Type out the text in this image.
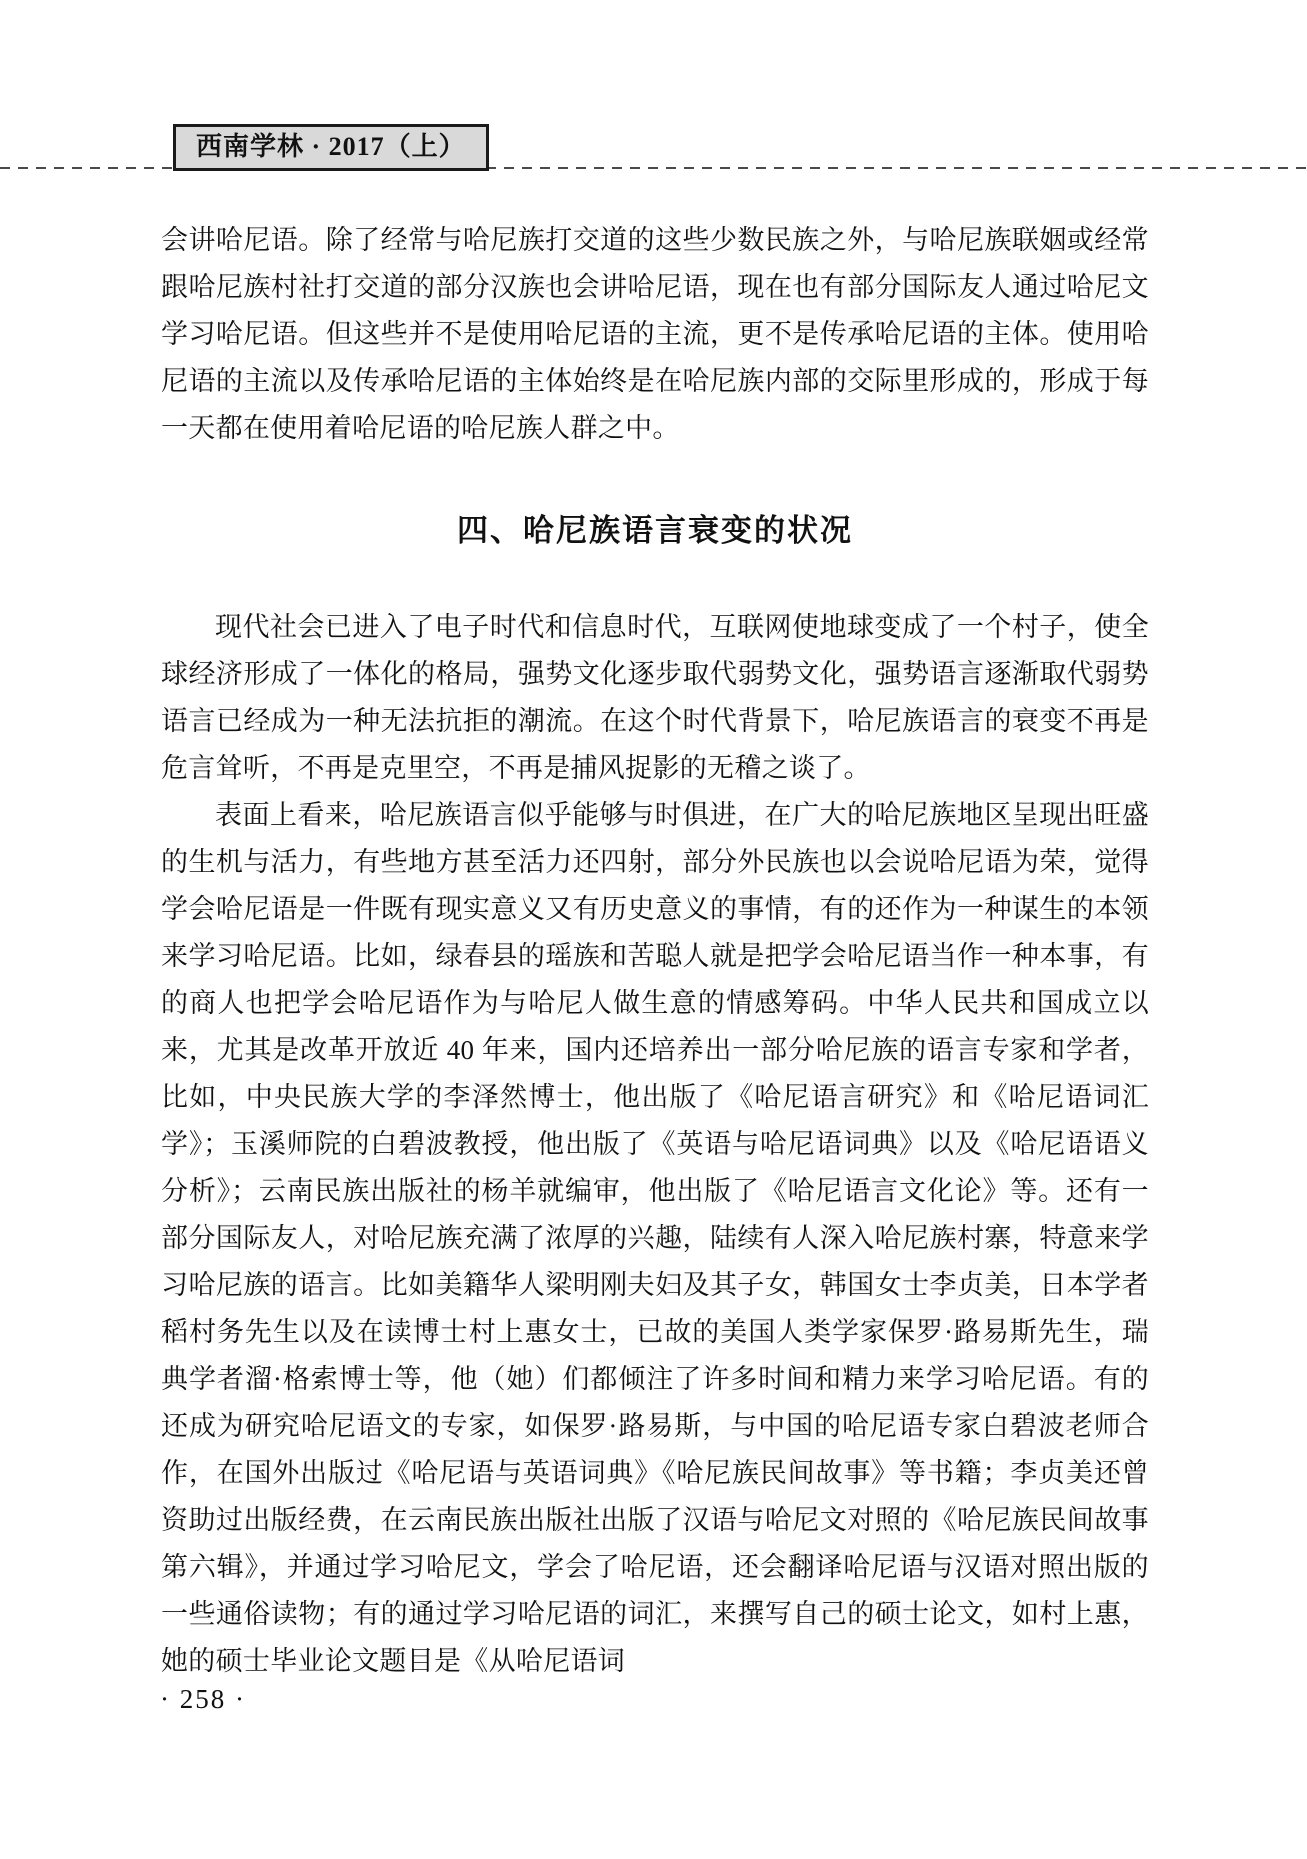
西南学林 · 2017（上）

会讲哈尼语。除了经常与哈尼族打交道的这些少数民族之外，与哈尼族联姻或经常跟哈尼族村社打交道的部分汉族也会讲哈尼语，现在也有部分国际友人通过哈尼文学习哈尼语。但这些并不是使用哈尼语的主流，更不是传承哈尼语的主体。使用哈尼语的主流以及传承哈尼语的主体始终是在哈尼族内部的交际里形成的，形成于每一天都在使用着哈尼语的哈尼族人群之中。

四、哈尼族语言衰变的状况

现代社会已进入了电子时代和信息时代，互联网使地球变成了一个村子，使全球经济形成了一体化的格局，强势文化逐步取代弱势文化，强势语言逐渐取代弱势语言已经成为一种无法抗拒的潮流。在这个时代背景下，哈尼族语言的衰变不再是危言耸听，不再是克里空，不再是捕风捉影的无稽之谈了。

表面上看来，哈尼族语言似乎能够与时俱进，在广大的哈尼族地区呈现出旺盛的生机与活力，有些地方甚至活力还四射，部分外民族也以会说哈尼语为荣，觉得学会哈尼语是一件既有现实意义又有历史意义的事情，有的还作为一种谋生的本领来学习哈尼语。比如，绿春县的瑶族和苦聪人就是把学会哈尼语当作一种本事，有的商人也把学会哈尼语作为与哈尼人做生意的情感筹码。中华人民共和国成立以来，尤其是改革开放近 40 年来，国内还培养出一部分哈尼族的语言专家和学者，比如，中央民族大学的李泽然博士，他出版了《哈尼语言研究》和《哈尼语词汇学》；玉溪师院的白碧波教授，他出版了《英语与哈尼语词典》以及《哈尼语语义分析》；云南民族出版社的杨羊就编审，他出版了《哈尼语言文化论》等。还有一部分国际友人，对哈尼族充满了浓厚的兴趣，陆续有人深入哈尼族村寨，特意来学习哈尼族的语言。比如美籍华人梁明刚夫妇及其子女，韩国女士李贞美，日本学者稻村务先生以及在读博士村上惠女士，已故的美国人类学家保罗·路易斯先生，瑞典学者溜·格索博士等，他（她）们都倾注了许多时间和精力来学习哈尼语。有的还成为研究哈尼语文的专家，如保罗·路易斯，与中国的哈尼语专家白碧波老师合作，在国外出版过《哈尼语与英语词典》《哈尼族民间故事》等书籍；李贞美还曾资助过出版经费，在云南民族出版社出版了汉语与哈尼文对照的《哈尼族民间故事第六辑》，并通过学习哈尼文，学会了哈尼语，还会翻译哈尼语与汉语对照出版的一些通俗读物；有的通过学习哈尼语的词汇，来撰写自己的硕士论文，如村上惠，她的硕士毕业论文题目是《从哈尼语词

· 258 ·
